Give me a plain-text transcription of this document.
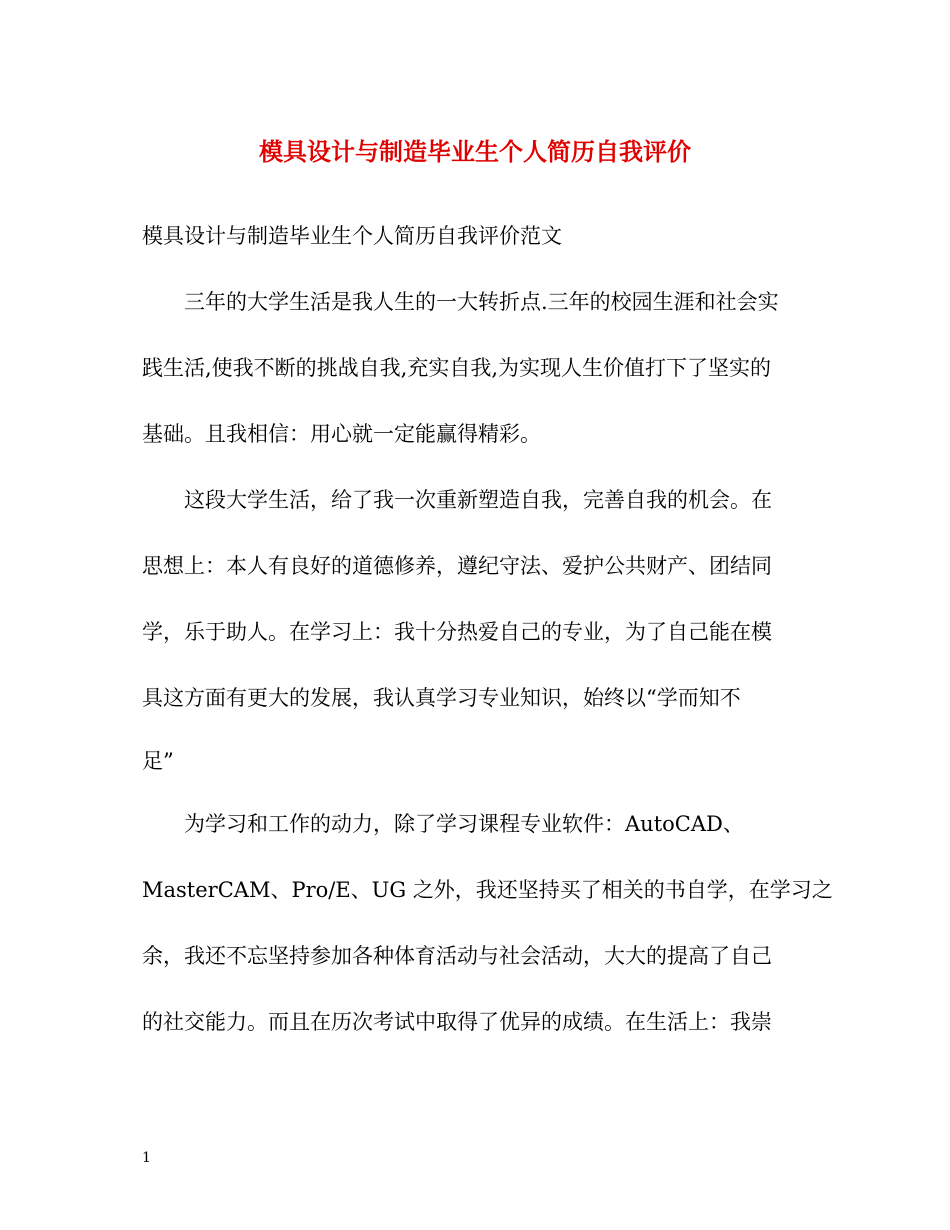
模具设计与制造毕业生个人简历自我评价

模具设计与制造毕业生个人简历自我评价范文

三年的大学生活是我人生的一大转折点.三年的校园生涯和社会实

践生活,使我不断的挑战自我,充实自我,为实现人生价值打下了坚实的

基础。且我相信：用心就一定能赢得精彩。

这段大学生活，给了我一次重新塑造自我，完善自我的机会。在

思想上：本人有良好的道德修养，遵纪守法、爱护公共财产、团结同

学，乐于助人。在学习上：我十分热爱自己的专业，为了自己能在模

具这方面有更大的发展，我认真学习专业知识，始终以“学而知不

足”

为学习和工作的动力，除了学习课程专业软件：AutoCAD、

MasterCAM、Pro/E、UG 之外，我还坚持买了相关的书自学，在学习之

余，我还不忘坚持参加各种体育活动与社会活动，大大的提高了自己

的社交能力。而且在历次考试中取得了优异的成绩。在生活上：我崇

1
